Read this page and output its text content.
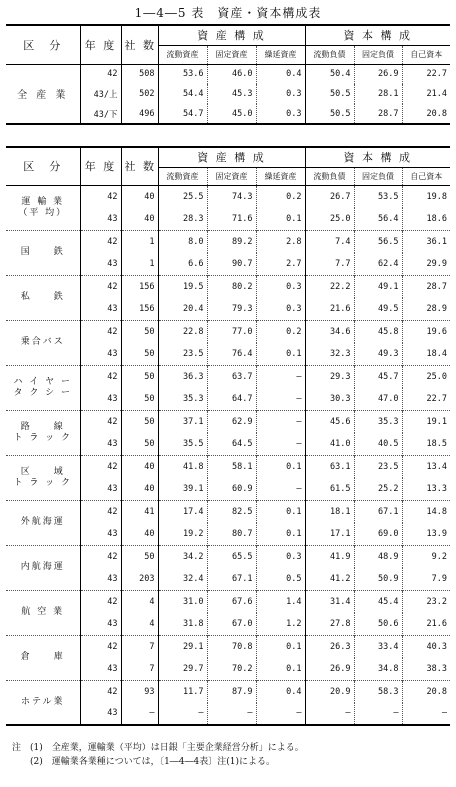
1―4―5 表　資産・資本構成表
区　分	年 度	社 数	資 産 構 成			資 本 構 成		
			流動資産	固定資産	繰延資産	流動負債	固定負債	自己資本
全 産 業	42	508	53.6	46.0	0.4	50.4	26.9	22.7
	43/上	502	54.4	45.3	0.3	50.5	28.1	21.4
	43/下	496	54.7	45.0	0.3	50.5	28.7	20.8
区　分	年 度	社 数	資 産 構 成			資 本 構 成		
			流動資産	固定資産	繰延資産	流動負債	固定負債	自己資本

運 輸 業
（平 均）	42	40	25.5	74.3	0.2	26.7	53.5	19.8
	43	40	28.3	71.6	0.1	25.0	56.4	18.6

国　　鉄	42	1	8.0	89.2	2.8	7.4	56.5	36.1
	43	1	6.6	90.7	2.7	7.7	62.4	29.9

私　　鉄	42	156	19.5	80.2	0.3	22.2	49.1	28.7
	43	156	20.4	79.3	0.3	21.6	49.5	28.9

乗合バス	42	50	22.8	77.0	0.2	34.6	45.8	19.6
	43	50	23.5	76.4	0.1	32.3	49.3	18.4

ハ イ ヤ ー
タ ク シ ー	42	50	36.3	63.7	―	29.3	45.7	25.0
	43	50	35.3	64.7	―	30.3	47.0	22.7

路　　線
ト ラ ッ ク	42	50	37.1	62.9	―	45.6	35.3	19.1
	43	50	35.5	64.5	―	41.0	40.5	18.5

区　　域
ト ラ ッ ク	42	40	41.8	58.1	0.1	63.1	23.5	13.4
	43	40	39.1	60.9	―	61.5	25.2	13.3

外航海運	42	41	17.4	82.5	0.1	18.1	67.1	14.8
	43	40	19.2	80.7	0.1	17.1	69.0	13.9

内航海運	42	50	34.2	65.5	0.3	41.9	48.9	9.2
	43	203	32.4	67.1	0.5	41.2	50.9	7.9

航 空 業	42	4	31.0	67.6	1.4	31.4	45.4	23.2
	43	4	31.8	67.0	1.2	27.8	50.6	21.6

倉　　庫	42	7	29.1	70.8	0.1	26.3	33.4	40.3
	43	7	29.7	70.2	0.1	26.9	34.8	38.3

ホテル業	42	93	11.7	87.9	0.4	20.9	58.3	20.8
	43	―	―	―	―	―	―	―
注　(1)　全産業，運輸業（平均）は日銀「主要企業経営分析」による。
　　(2)　運輸業各業種については，〔1―4―4表〕注(1)による。
